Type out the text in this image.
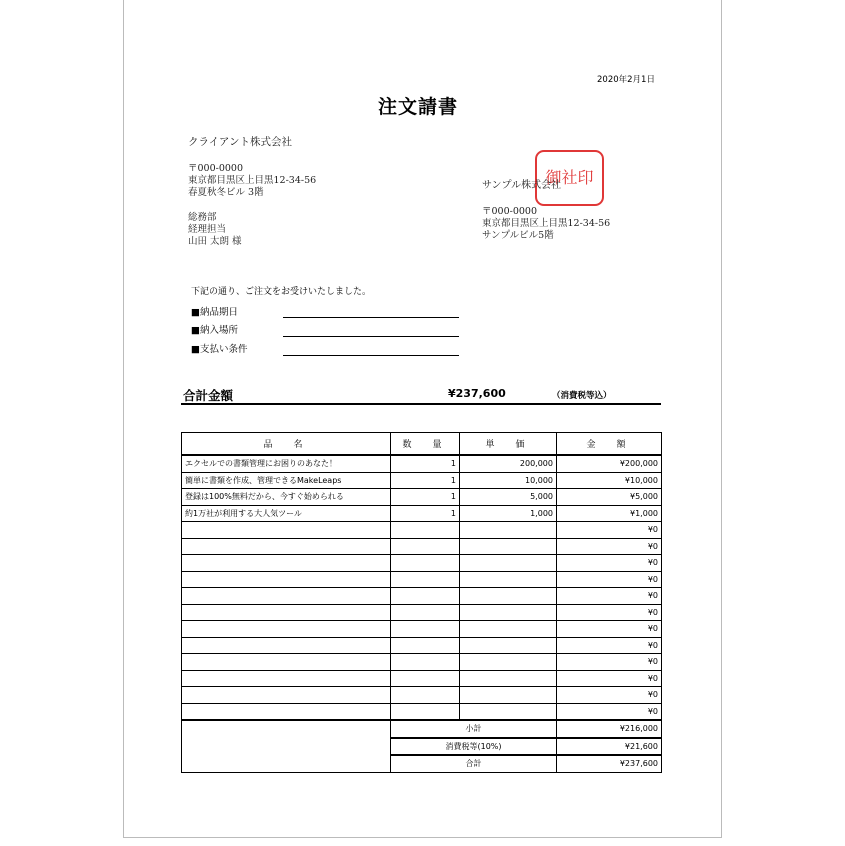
2020年2月1日
注文請書
クライアント株式会社
〒000-0000
東京都目黒区上目黒12-34-56
春夏秋冬ビル 3階
総務部
経理担当
山田 太朗 様
御社印
サンプル株式会社
〒000-0000
東京都目黒区上目黒12-34-56
サンプルビル5階
下記の通り、ご注文をお受けいたしました。
■納品期日
■納入場所
■支払い条件
合計金額	¥237,600	（消費税等込）
品　名	数　量	単　価	金　額
エクセルでの書類管理にお困りのあなた！	1	200,000	¥200,000
簡単に書類を作成、管理できるMakeLeaps	1	10,000	¥10,000
登録は100%無料だから、今すぐ始められる	1	5,000	¥5,000
約1万社が利用する大人気ツール	1	1,000	¥1,000
			¥0
			¥0
			¥0
			¥0
			¥0
			¥0
			¥0
			¥0
			¥0
			¥0
			¥0
			¥0
	小計		¥216,000
	消費税等(10%)		¥21,600
	合計		¥237,600
